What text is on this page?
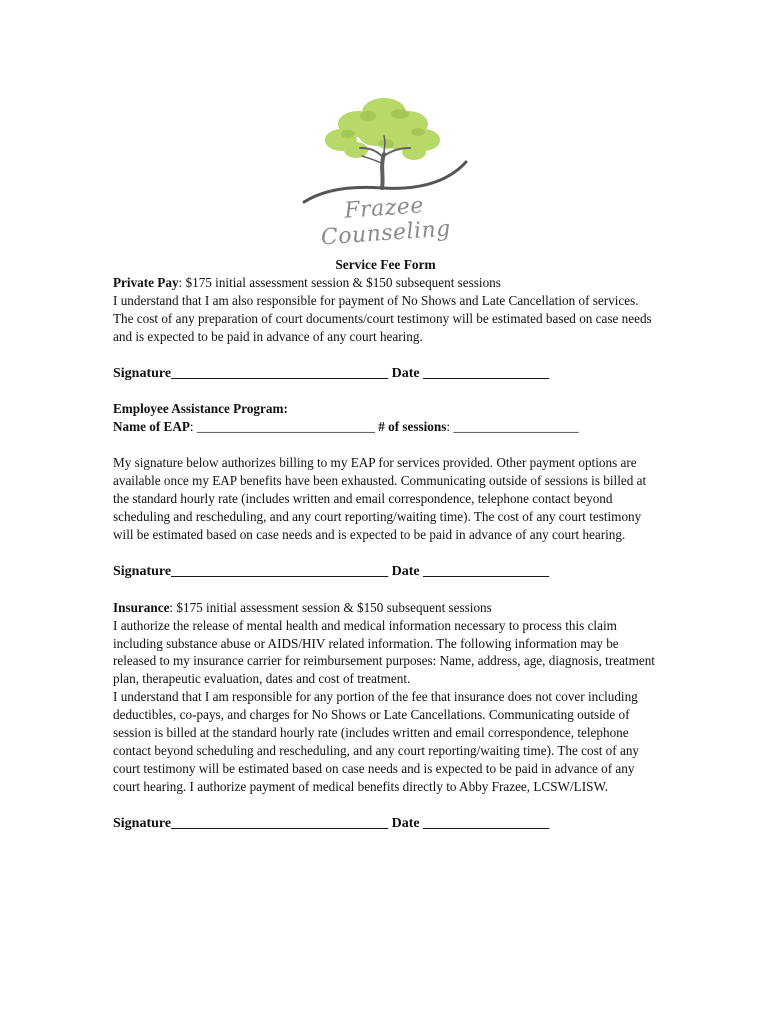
Frazee Counseling

Service Fee Form

Private Pay: $175 initial assessment session & $150 subsequent sessions

I understand that I am also responsible for payment of No Shows and Late Cancellation of services. The cost of any preparation of court documents/court testimony will be estimated based on case needs and is expected to be paid in advance of any court hearing.

Signature_______________________________ Date __________________

Employee Assistance Program:

Name of EAP: ___________________________ # of sessions: ___________________

My signature below authorizes billing to my EAP for services provided. Other payment options are available once my EAP benefits have been exhausted. Communicating outside of sessions is billed at the standard hourly rate (includes written and email correspondence, telephone contact beyond scheduling and rescheduling, and any court reporting/waiting time). The cost of any court testimony will be estimated based on case needs and is expected to be paid in advance of any court hearing.

Signature_______________________________ Date __________________

Insurance: $175 initial assessment session & $150 subsequent sessions

I authorize the release of mental health and medical information necessary to process this claim including substance abuse or AIDS/HIV related information. The following information may be released to my insurance carrier for reimbursement purposes: Name, address, age, diagnosis, treatment plan, therapeutic evaluation, dates and cost of treatment.

I understand that I am responsible for any portion of the fee that insurance does not cover including deductibles, co-pays, and charges for No Shows or Late Cancellations. Communicating outside of session is billed at the standard hourly rate (includes written and email correspondence, telephone contact beyond scheduling and rescheduling, and any court reporting/waiting time). The cost of any court testimony will be estimated based on case needs and is expected to be paid in advance of any court hearing. I authorize payment of medical benefits directly to Abby Frazee, LCSW/LISW.

Signature_______________________________ Date __________________
